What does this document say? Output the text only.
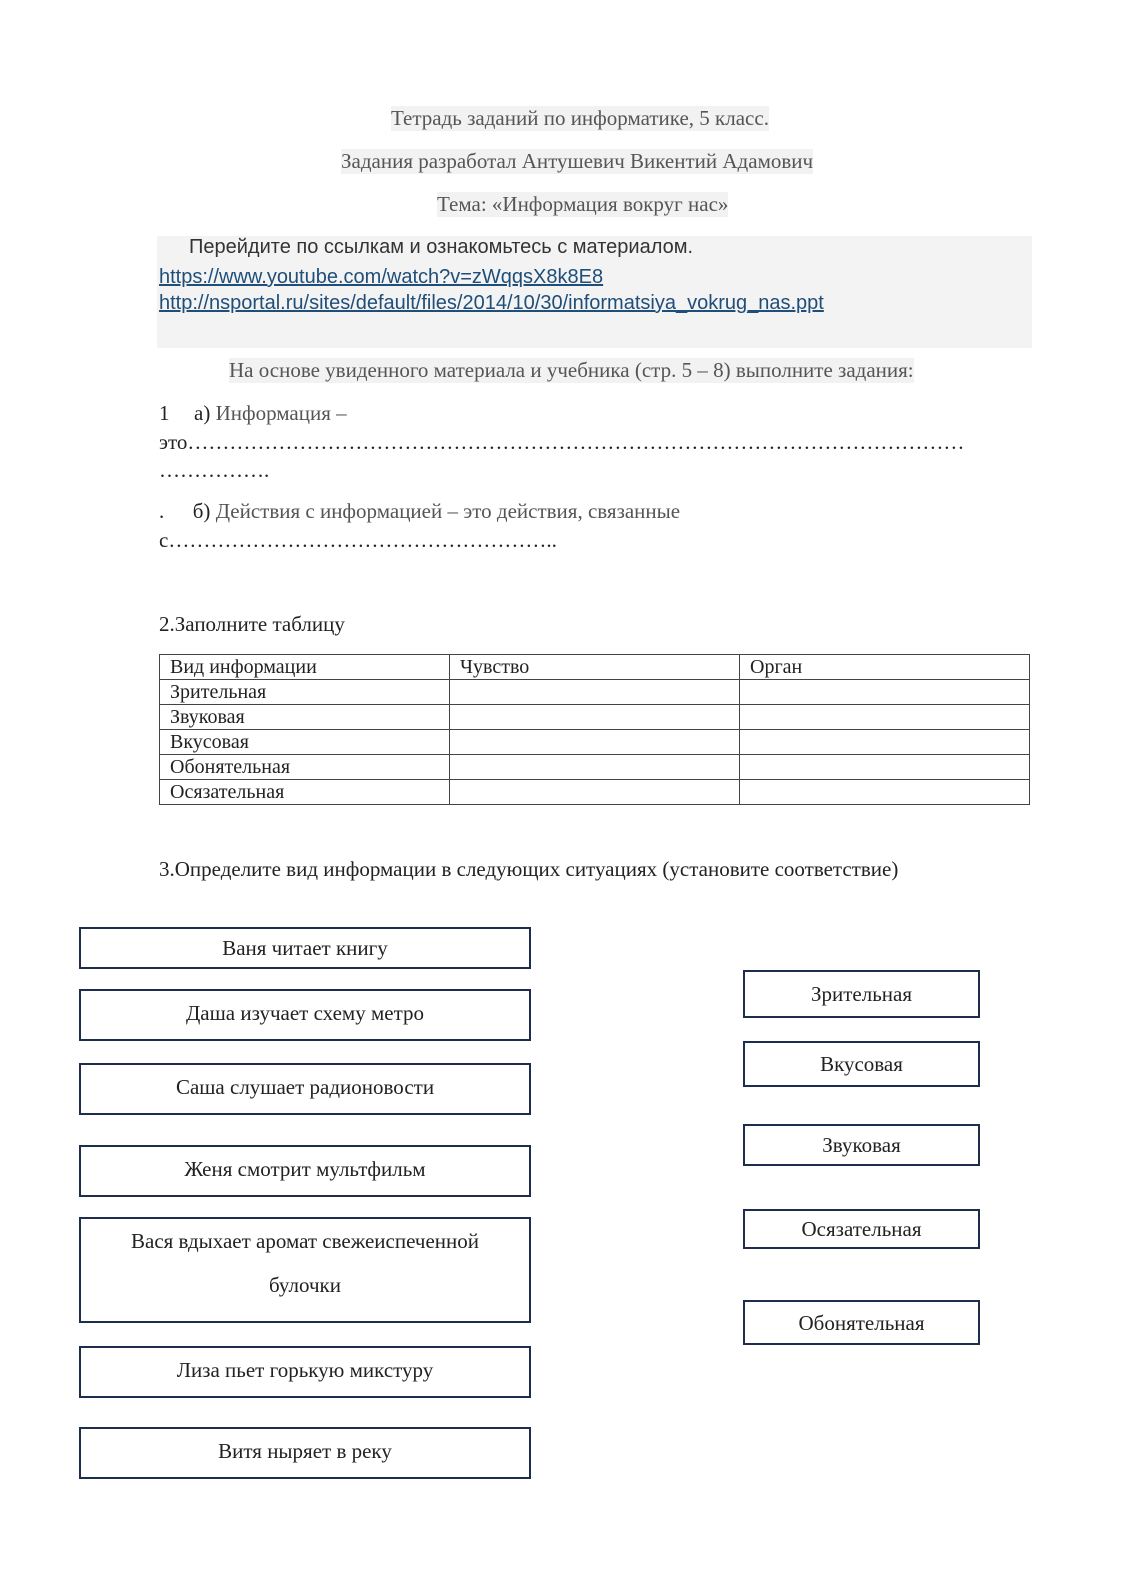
Тетрадь заданий по информатике, 5 класс.
Задания разработал Антушевич Викентий Адамович
Тема: «Информация вокруг нас»
Перейдите по ссылкам и ознакомьтесь с материалом.
https://www.youtube.com/watch?v=zWqqsX8k8E8
http://nsportal.ru/sites/default/files/2014/10/30/informatsiya_vokrug_nas.ppt
На основе увиденного материала и учебника (стр. 5 – 8) выполните задания:
1 а) Информация –
это…………………………………………………………………………………………………
…………….
. б) Действия с информацией – это действия, связанные
с………………………………………………..
2.Заполните таблицу
Вид информации	Чувство	Орган
Зрительная		
Звуковая		
Вкусовая		
Обонятельная		
Осязательная		
3.Определите вид информации в следующих ситуациях (установите соответствие)
Ваня читает книгу
Даша изучает схему метро
Саша слушает радионовости
Женя смотрит мультфильм
Вася вдыхает аромат свежеиспеченной
булочки
Лиза пьет горькую микстуру
Витя ныряет в реку
Зрительная
Вкусовая
Звуковая
Осязательная
Обонятельная
